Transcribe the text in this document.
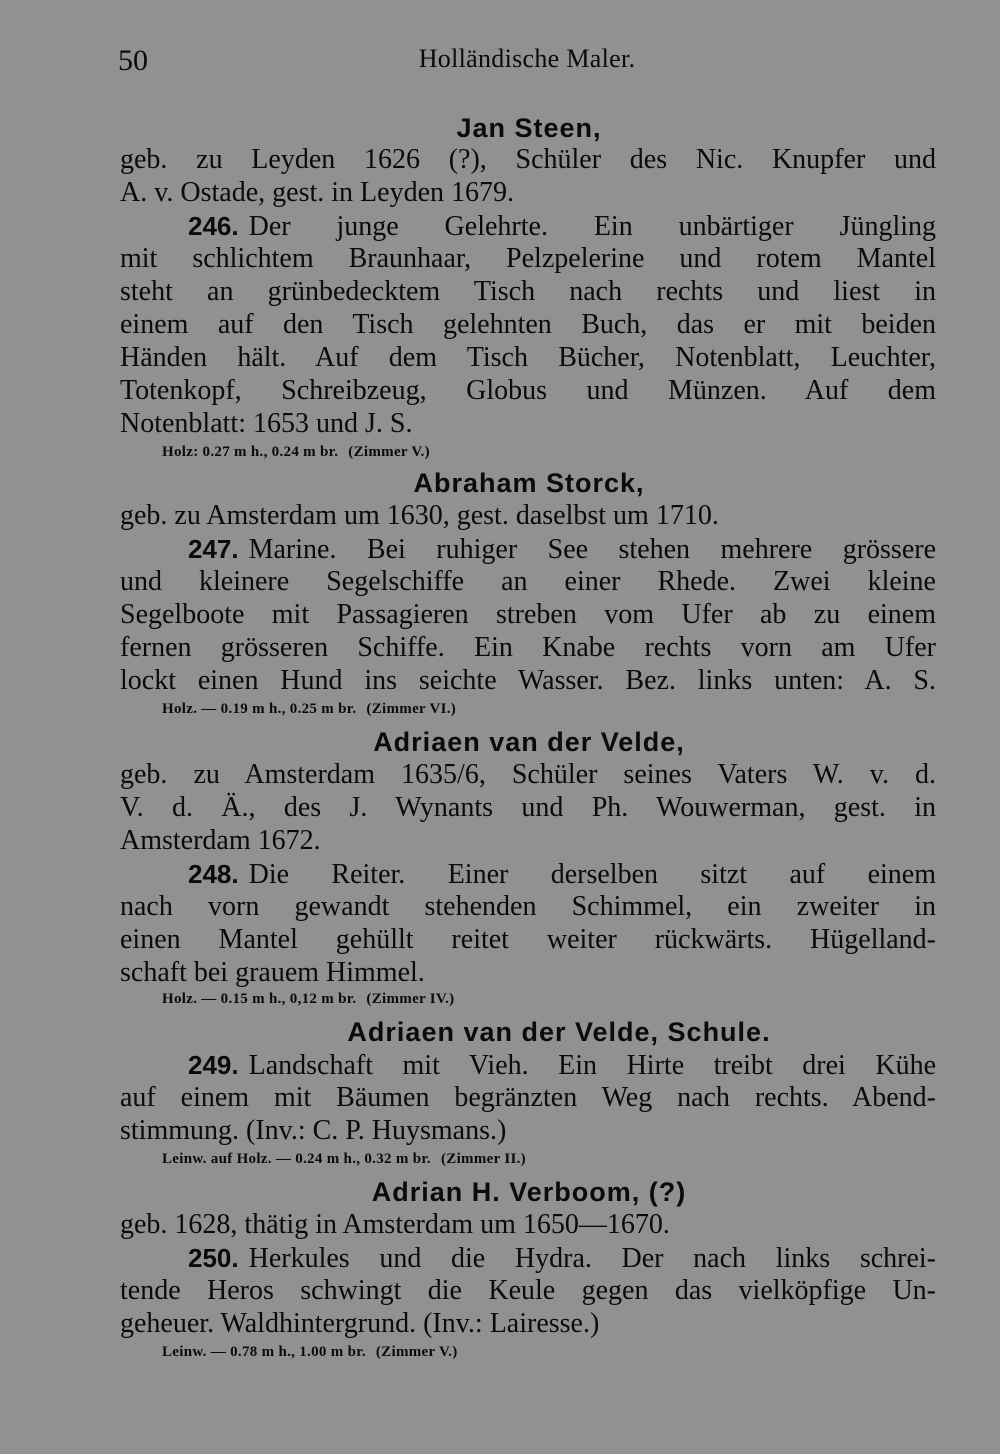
50	Holländische Maler.
Jan Steen,
geb. zu Leyden 1626 (?), Schüler des Nic. Knupfer und
A. v. Ostade, gest. in Leyden 1679.
246. Der junge Gelehrte. Ein unbärtiger Jüngling
mit schlichtem Braunhaar, Pelzpelerine und rotem Mantel
steht an grünbedecktem Tisch nach rechts und liest in
einem auf den Tisch gelehnten Buch, das er mit beiden
Händen hält. Auf dem Tisch Bücher, Notenblatt, Leuchter,
Totenkopf, Schreibzeug, Globus und Münzen. Auf dem
Notenblatt: 1653 und J. S.
Holz: 0.27 m h., 0.24 m br. (Zimmer V.)
Abraham Storck,
geb. zu Amsterdam um 1630, gest. daselbst um 1710.
247. Marine. Bei ruhiger See stehen mehrere grössere
und kleinere Segelschiffe an einer Rhede. Zwei kleine
Segelboote mit Passagieren streben vom Ufer ab zu einem
fernen grösseren Schiffe. Ein Knabe rechts vorn am Ufer
lockt einen Hund ins seichte Wasser. Bez. links unten: A. S.
Holz. — 0.19 m h., 0.25 m br. (Zimmer VI.)
Adriaen van der Velde,
geb. zu Amsterdam 1635/6, Schüler seines Vaters W. v. d.
V. d. Ä., des J. Wynants und Ph. Wouwerman, gest. in
Amsterdam 1672.
248. Die Reiter. Einer derselben sitzt auf einem
nach vorn gewandt stehenden Schimmel, ein zweiter in
einen Mantel gehüllt reitet weiter rückwärts. Hügelland-
schaft bei grauem Himmel.
Holz. — 0.15 m h., 0,12 m br. (Zimmer IV.)
Adriaen van der Velde, Schule.
249. Landschaft mit Vieh. Ein Hirte treibt drei Kühe
auf einem mit Bäumen begränzten Weg nach rechts. Abend-
stimmung. (Inv.: C. P. Huysmans.)
Leinw. auf Holz. — 0.24 m h., 0.32 m br. (Zimmer II.)
Adrian H. Verboom, (?)
geb. 1628, thätig in Amsterdam um 1650—1670.
250. Herkules und die Hydra. Der nach links schrei-
tende Heros schwingt die Keule gegen das vielköpfige Un-
geheuer. Waldhintergrund. (Inv.: Lairesse.)
Leinw. — 0.78 m h., 1.00 m br. (Zimmer V.)
